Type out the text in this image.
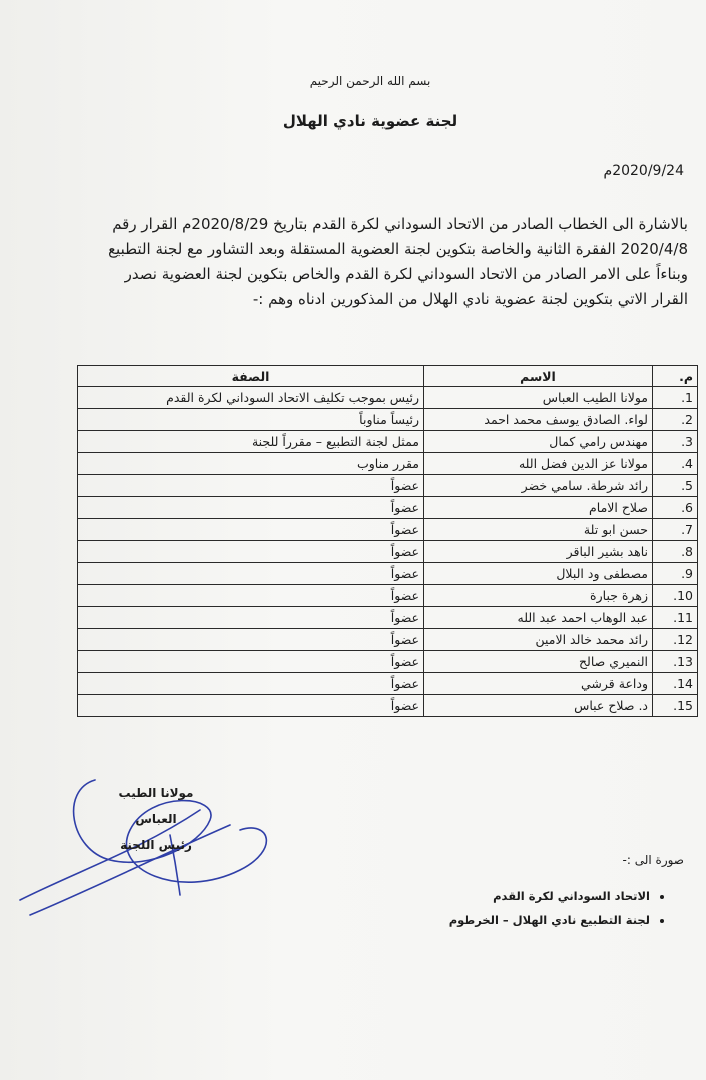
بسم الله الرحمن الرحيم
لجنة عضوية نادي الهلال
2020/9/24م

بالاشارة الى الخطاب الصادر من الاتحاد السوداني لكرة القدم بتاريخ 2020/8/29م القرار رقم

2020/4/8 الفقرة الثانية والخاصة بتكوين لجنة العضوية المستقلة وبعد التشاور مع لجنة التطبيع

وبناءاً على الامر الصادر من الاتحاد السوداني لكرة القدم والخاص بتكوين لجنة العضوية نصدر

القرار الاتي بتكوين لجنة عضوية نادي الهلال من المذكورين ادناه وهم :-

م.	الاسم	الصفة
1.	مولانا الطيب العباس	رئيس بموجب تكليف الاتحاد السوداني لكرة القدم
2.	لواء. الصادق يوسف محمد احمد	رئيساً مناوباً
3.	مهندس رامي كمال	ممثل لجنة التطبيع – مقرراً للجنة
4.	مولانا عز الدين فضل الله	مقرر مناوب
5.	رائد شرطة. سامي خضر	عضواً
6.	صلاح الامام	عضواً
7.	حسن ابو تلة	عضواً
8.	ناهد بشير الباقر	عضواً
9.	مصطفى ود البلال	عضواً
10.	زهرة جبارة	عضواً
11.	عبد الوهاب احمد عبد الله	عضواً
12.	رائد محمد خالد الامين	عضواً
13.	النميري صالح	عضواً
14.	وداعة قرشي	عضواً
15.	د. صلاح عباس	عضواً
مولانا الطيب العباس
رئيس اللجنة
صورة الى :-
• الاتحاد السوداني لكرة القدم
• لجنة التطبيع نادي الهلال – الخرطوم
